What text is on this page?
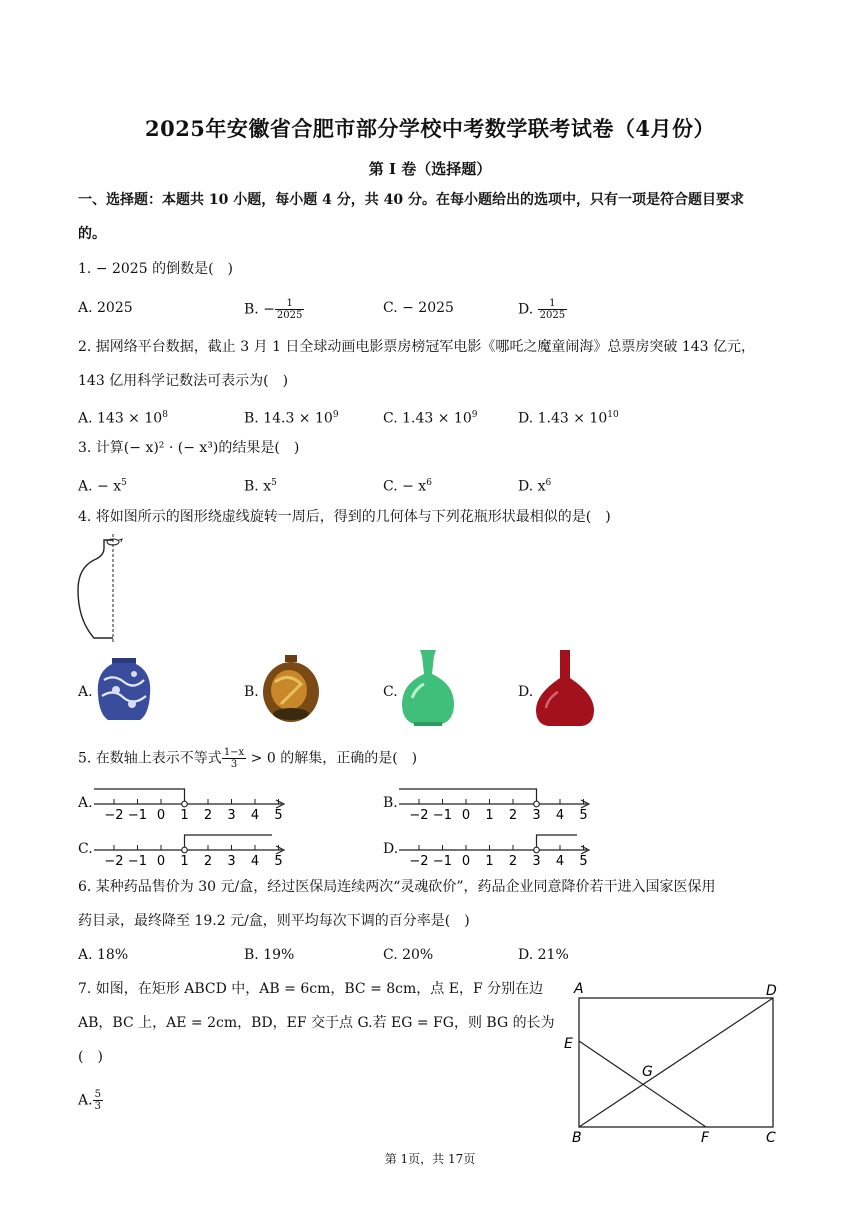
2025年安徽省合肥市部分学校中考数学联考试卷（4月份）
第 I 卷（选择题）
一、选择题：本题共 10 小题，每小题 4 分，共 40 分。在每小题给出的选项中，只有一项是符合题目要求
的。
1. − 2025 的倒数是(　)
A. 2025	B. − $\frac{1}{2025}$	C. − 2025	D. $\frac{1}{2025}$
2. 据网络平台数据，截止 3 月 1 日全球动画电影票房榜冠军电影《哪吒之魔童闹海》总票房突破 143 亿元，
143 亿用科学记数法可表示为(　)
A. $143 \times 10^8$	B. $14.3 \times 10^9$	C. $1.43 \times 10^9$	D. $1.43 \times 10^{10}$
3. 计算(− x)² · (− x³)的结果是(　)
A. − $x^5$	B. $x^5$	C. − $x^6$	D. $x^6$
4. 将如图所示的图形绕虚线旋转一周后，得到的几何体与下列花瓶形状最相似的是(　)
A.	B.	C.	D.
5. 在数轴上表示不等式 $\frac{1-x}{3} > 0$ 的解集，正确的是(　)
A.
−2 −1 0 1 2 3 4 5
B.
−2 −1 0 1 2 3 4 5
C.
−2 −1 0 1 2 3 4 5
D.
−2 −1 0 1 2 3 4 5
6. 某种药品售价为 30 元/盒，经过医保局连续两次“灵魂砍价”，药品企业同意降价若干进入国家医保用
药目录，最终降至 19.2 元/盒，则平均每次下调的百分率是(　)
A. 18%	B. 19%	C. 20%	D. 21%
7. 如图，在矩形 ABCD 中，AB = 6cm，BC = 8cm，点 E，F 分别在边
AB，BC 上，AE = 2cm，BD，EF 交于点 G.若 EG = FG，则 BG 的长为
(　)
A. $\frac{5}{3}$
A	D
E
G
B	F	C
第 1页，共 17页
